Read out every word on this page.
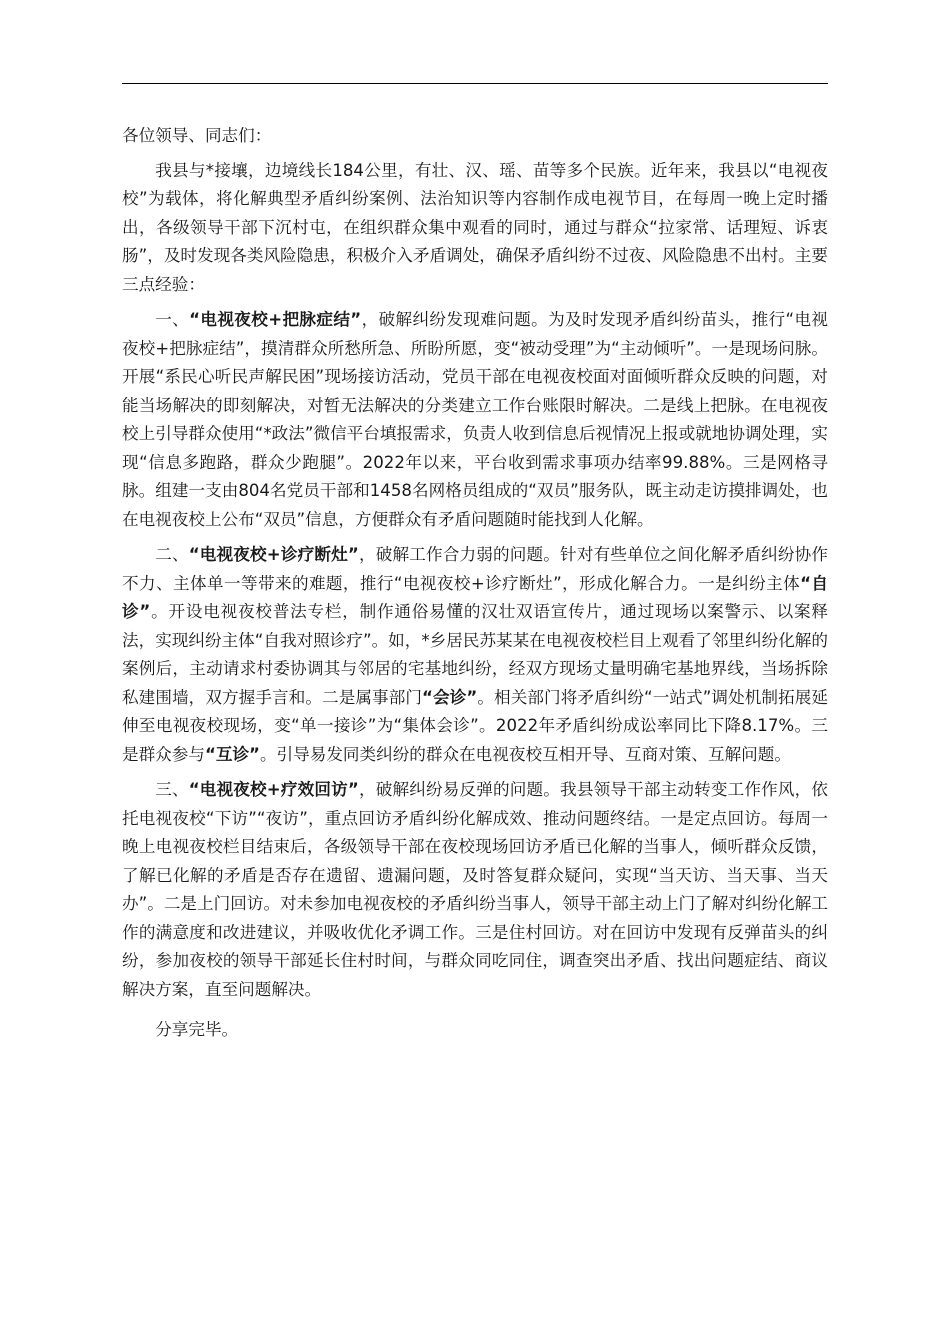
各位领导、同志们：

我县与*接壤，边境线长184公里，有壮、汉、瑶、苗等多个民族。近年来，我县以“电视夜校”为载体，将化解典型矛盾纠纷案例、法治知识等内容制作成电视节目，在每周一晚上定时播出，各级领导干部下沉村屯，在组织群众集中观看的同时，通过与群众“拉家常、话理短、诉衷肠”，及时发现各类风险隐患，积极介入矛盾调处，确保矛盾纠纷不过夜、风险隐患不出村。主要三点经验：

一、“电视夜校+把脉症结”，破解纠纷发现难问题。为及时发现矛盾纠纷苗头，推行“电视夜校+把脉症结”，摸清群众所愁所急、所盼所愿，变“被动受理”为“主动倾听”。一是现场问脉。开展“系民心听民声解民困”现场接访活动，党员干部在电视夜校面对面倾听群众反映的问题，对能当场解决的即刻解决，对暂无法解决的分类建立工作台账限时解决。二是线上把脉。在电视夜校上引导群众使用“*政法”微信平台填报需求，负责人收到信息后视情况上报或就地协调处理，实现“信息多跑路，群众少跑腿”。2022年以来，平台收到需求事项办结率99.88%。三是网格寻脉。组建一支由804名党员干部和1458名网格员组成的“双员”服务队，既主动走访摸排调处，也在电视夜校上公布“双员”信息，方便群众有矛盾问题随时能找到人化解。

二、“电视夜校+诊疗断灶”，破解工作合力弱的问题。针对有些单位之间化解矛盾纠纷协作不力、主体单一等带来的难题，推行“电视夜校+诊疗断灶”，形成化解合力。一是纠纷主体“自诊”。开设电视夜校普法专栏，制作通俗易懂的汉壮双语宣传片，通过现场以案警示、以案释法，实现纠纷主体“自我对照诊疗”。如，*乡居民苏某某在电视夜校栏目上观看了邻里纠纷化解的案例后，主动请求村委协调其与邻居的宅基地纠纷，经双方现场丈量明确宅基地界线，当场拆除私建围墙，双方握手言和。二是属事部门“会诊”。相关部门将矛盾纠纷“一站式”调处机制拓展延伸至电视夜校现场，变“单一接诊”为“集体会诊”。2022年矛盾纠纷成讼率同比下降8.17%。三是群众参与“互诊”。引导易发同类纠纷的群众在电视夜校互相开导、互商对策、互解问题。

三、“电视夜校+疗效回访”，破解纠纷易反弹的问题。我县领导干部主动转变工作作风，依托电视夜校“下访”“夜访”，重点回访矛盾纠纷化解成效、推动问题终结。一是定点回访。每周一晚上电视夜校栏目结束后，各级领导干部在夜校现场回访矛盾已化解的当事人，倾听群众反馈，了解已化解的矛盾是否存在遗留、遗漏问题，及时答复群众疑问，实现“当天访、当天事、当天办”。二是上门回访。对未参加电视夜校的矛盾纠纷当事人，领导干部主动上门了解对纠纷化解工作的满意度和改进建议，并吸收优化矛调工作。三是住村回访。对在回访中发现有反弹苗头的纠纷，参加夜校的领导干部延长住村时间，与群众同吃同住，调查突出矛盾、找出问题症结、商议解决方案，直至问题解决。

分享完毕。
